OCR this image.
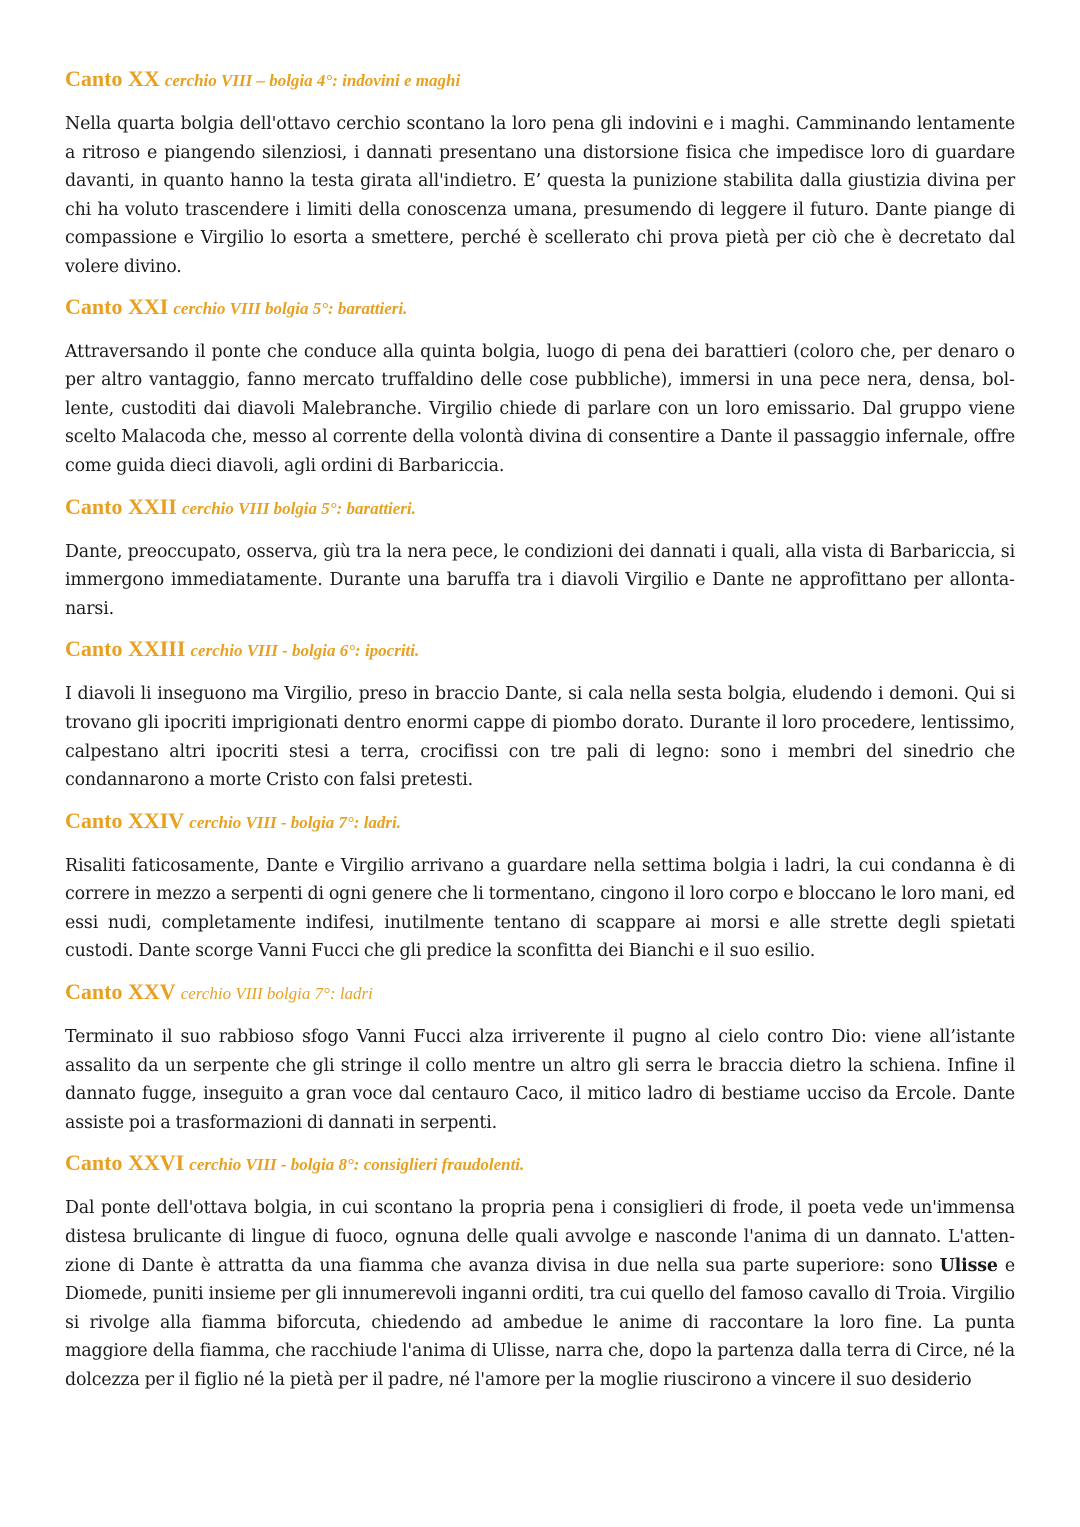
Canto XX cerchio VIII – bolgia 4°: indovini e maghi

Nella quarta bolgia dell'ottavo cerchio scontano la loro pena gli indovini e i maghi. Camminando lentamente a ritroso e piangendo silenziosi, i dannati presentano una distorsione fisica che impedisce loro di guardare davanti, in quanto hanno la testa girata all'indietro. E’ questa la punizione stabilita dalla giustizia divina per chi ha voluto trascendere i limiti della conoscenza umana, presumendo di leggere il futuro. Dante piange di compassione e Virgilio lo esorta a smettere, perché è scellerato chi prova pietà per ciò che è decretato dal volere divino.

Canto XXI cerchio VIII bolgia 5°: barattieri.

Attraversando il ponte che conduce alla quinta bolgia, luogo di pena dei barattieri (coloro che, per denaro o per altro vantaggio, fanno mercato truffaldino delle cose pubbliche), immersi in una pece nera, densa, bollente, custoditi dai diavoli Malebranche. Virgilio chiede di parlare con un loro emissario. Dal gruppo viene scelto Malacoda che, messo al corrente della volontà divina di consentire a Dante il passaggio infernale, offre come guida dieci diavoli, agli ordini di Barbariccia.

Canto XXII cerchio VIII bolgia 5°: barattieri.

Dante, preoccupato, osserva, giù tra la nera pece, le condizioni dei dannati i quali, alla vista di Barbariccia, si immergono immediatamente. Durante una baruffa tra i diavoli Virgilio e Dante ne approfittano per allontanarsi.

Canto XXIII cerchio VIII - bolgia 6°: ipocriti.

I diavoli li inseguono ma Virgilio, preso in braccio Dante, si cala nella sesta bolgia, eludendo i demoni. Qui si trovano gli ipocriti imprigionati dentro enormi cappe di piombo dorato. Durante il loro procedere, lentissimo, calpestano altri ipocriti stesi a terra, crocifissi con tre pali di legno: sono i membri del sinedrio che condannarono a morte Cristo con falsi pretesti.

Canto XXIV cerchio VIII - bolgia 7°: ladri.

Risaliti faticosamente, Dante e Virgilio arrivano a guardare nella settima bolgia i ladri, la cui condanna è di correre in mezzo a serpenti di ogni genere che li tormentano, cingono il loro corpo e bloccano le loro mani, ed essi nudi, completamente indifesi, inutilmente tentano di scappare ai morsi e alle strette degli spietati custodi. Dante scorge Vanni Fucci che gli predice la sconfitta dei Bianchi e il suo esilio.

Canto XXV cerchio VIII bolgia 7°: ladri

Terminato il suo rabbioso sfogo Vanni Fucci alza irriverente il pugno al cielo contro Dio: viene all’istante assalito da un serpente che gli stringe il collo mentre un altro gli serra le braccia dietro la schiena. Infine il dannato fugge, inseguito a gran voce dal centauro Caco, il mitico ladro di bestiame ucciso da Ercole. Dante assiste poi a trasformazioni di dannati in serpenti.

Canto XXVI cerchio VIII - bolgia 8°: consiglieri fraudolenti.

Dal ponte dell'ottava bolgia, in cui scontano la propria pena i consiglieri di frode, il poeta vede un'immensa distesa brulicante di lingue di fuoco, ognuna delle quali avvolge e nasconde l'anima di un dannato. L'attenzione di Dante è attratta da una fiamma che avanza divisa in due nella sua parte superiore: sono Ulisse e Diomede, puniti insieme per gli innumerevoli inganni orditi, tra cui quello del famoso cavallo di Troia. Virgilio si rivolge alla fiamma biforcuta, chiedendo ad ambedue le anime di raccontare la loro fine. La punta maggiore della fiamma, che racchiude l'anima di Ulisse, narra che, dopo la partenza dalla terra di Circe, né la dolcezza per il figlio né la pietà per il padre, né l'amore per la moglie riuscirono a vincere il suo desiderio
